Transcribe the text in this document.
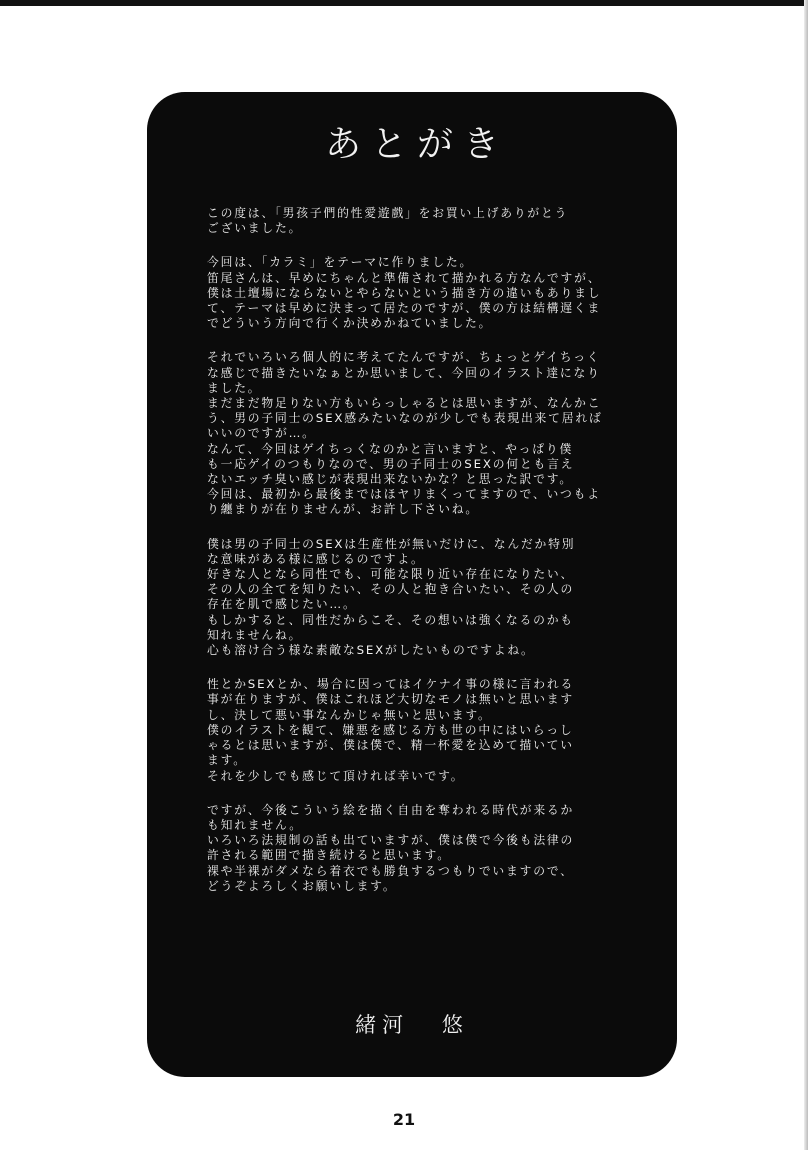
あとがき
この度は、「男孩子們的性愛遊戲」をお買い上げありがとう
ございました。
今回は、「カラミ」をテーマに作りました。
笛尾さんは、早めにちゃんと準備されて描かれる方なんですが、
僕は土壇場にならないとやらないという描き方の違いもありまし
て、テーマは早めに決まって居たのですが、僕の方は結構遅くま
でどういう方向で行くか決めかねていました。
それでいろいろ個人的に考えてたんですが、ちょっとゲイちっく
な感じで描きたいなぁとか思いまして、今回のイラスト達になり
ました。
まだまだ物足りない方もいらっしゃるとは思いますが、なんかこ
う、男の子同士のSEX感みたいなのが少しでも表現出来て居れば
いいのですが…。
なんて、今回はゲイちっくなのかと言いますと、やっぱり僕
も一応ゲイのつもりなので、男の子同士のSEXの何とも言え
ないエッチ臭い感じが表現出来ないかな？と思った訳です。
今回は、最初から最後まではほヤリまくってますので、いつもよ
り纏まりが在りませんが、お許し下さいね。
僕は男の子同士のSEXは生産性が無いだけに、なんだか特別
な意味がある様に感じるのですよ。
好きな人となら同性でも、可能な限り近い存在になりたい、
その人の全てを知りたい、その人と抱き合いたい、その人の
存在を肌で感じたい…。
もしかすると、同性だからこそ、その想いは強くなるのかも
知れませんね。
心も溶け合う様な素敵なSEXがしたいものですよね。
性とかSEXとか、場合に因ってはイケナイ事の様に言われる
事が在りますが、僕はこれほど大切なモノは無いと思います
し、決して悪い事なんかじゃ無いと思います。
僕のイラストを観て、嫌悪を感じる方も世の中にはいらっし
ゃるとは思いますが、僕は僕で、精一杯愛を込めて描いてい
ます。
それを少しでも感じて頂ければ幸いです。
ですが、今後こういう絵を描く自由を奪われる時代が来るか
も知れません。
いろいろ法規制の話も出ていますが、僕は僕で今後も法律の
許される範囲で描き続けると思います。
裸や半裸がダメなら着衣でも勝負するつもりでいますので、
どうぞよろしくお願いします。
緒河 悠
21
